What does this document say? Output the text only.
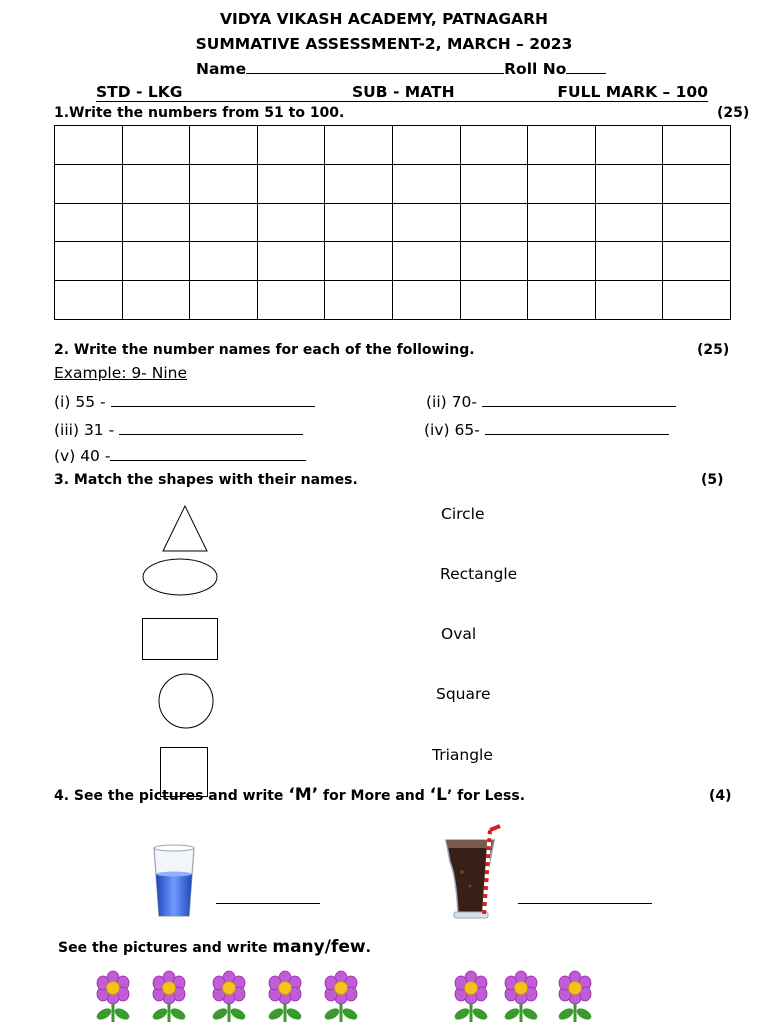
VIDYA VIKASH ACADEMY, PATNAGARH
SUMMATIVE ASSESSMENT-2, MARCH – 2023
Name	Roll No
STD - LKG	SUB - MATH	FULL MARK – 100
1.Write the numbers from 51 to 100.	(25)

2. Write the number names for each of the following.	(25)
Example: 9- Nine
(i) 55 -	(ii) 70-
(iii) 31 -	(iv) 65-
(v) 40 -
3. Match the shapes with their names.	(5)
Circle
Rectangle
Oval
Square
Triangle
4. See the pictures and write ‘M’ for More and ‘L’ for Less.	(4)
See the pictures and write many/few.
